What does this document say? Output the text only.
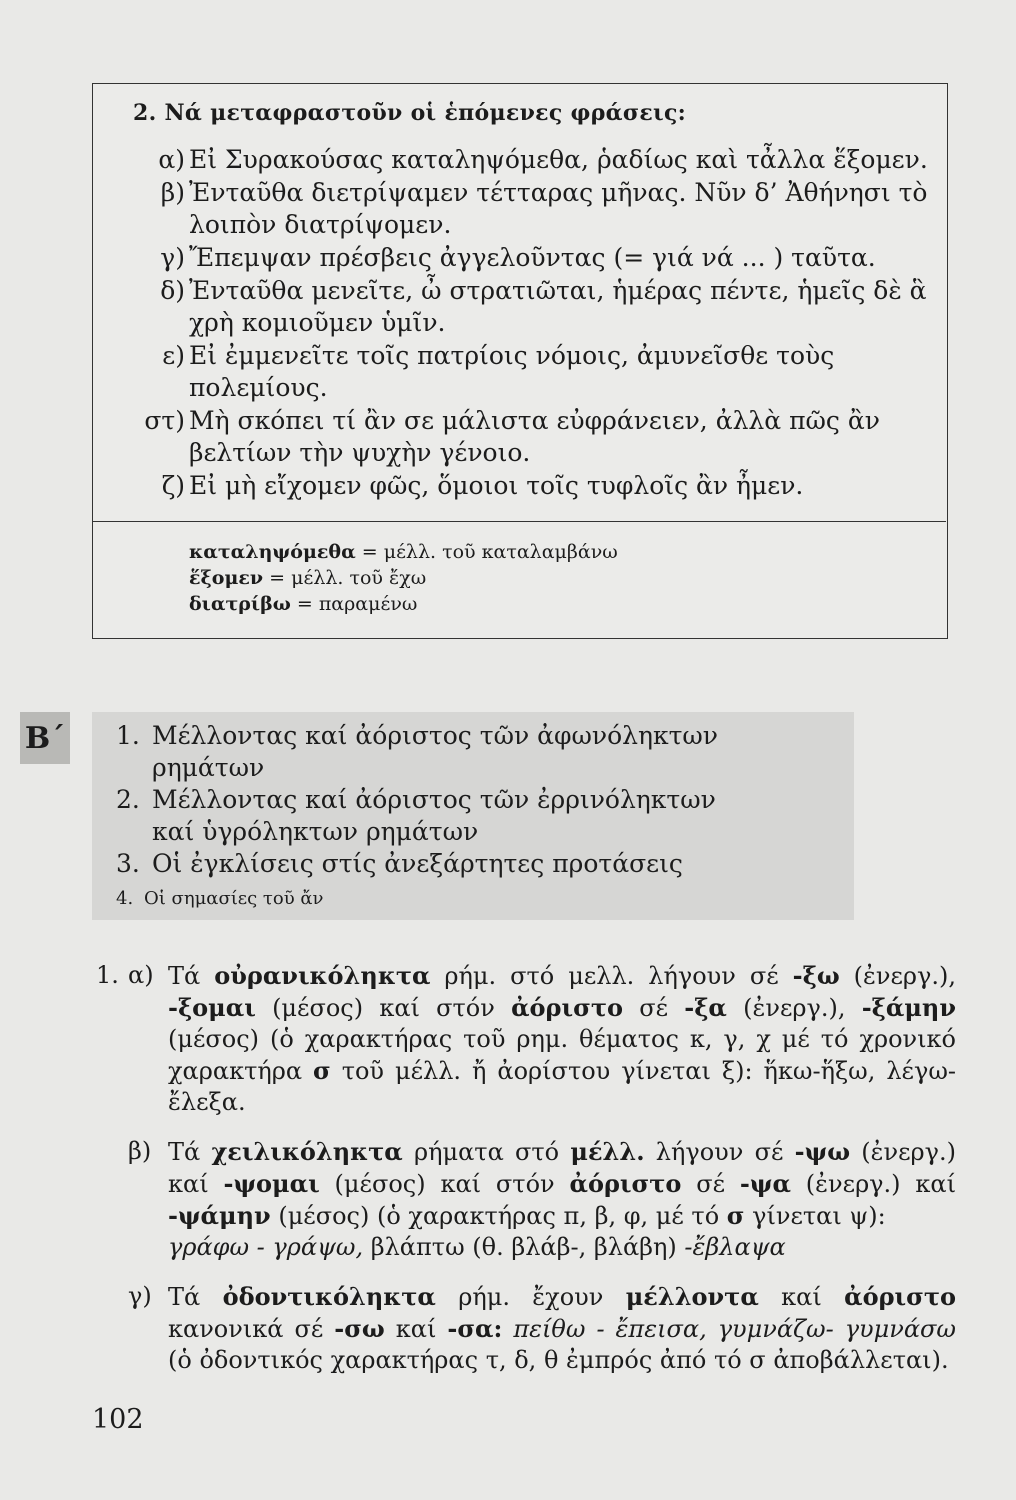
2. Νά μεταφραστοῦν οἱ ἑπόμενες φράσεις:
α) Εἰ Συρακούσας καταληψόμεθα, ῥαδίως καὶ τἆλλα ἕξομεν.
β) Ἐνταῦθα διετρίψαμεν τέτταρας μῆνας. Νῦν δ’ Ἀθήνησι τὸ λοιπὸν διατρίψομεν.
γ) Ἔπεμψαν πρέσβεις ἀγγελοῦντας (= γιά νά ... ) ταῦτα.
δ) Ἐνταῦθα μενεῖτε, ὦ στρατιῶται, ἡμέρας πέντε, ἡμεῖς δὲ ἃ χρὴ κομιοῦμεν ὑμῖν.
ε) Εἰ ἐμμενεῖτε τοῖς πατρίοις νόμοις, ἀμυνεῖσθε τοὺς πολεμίους.
στ) Μὴ σκόπει τί ἂν σε μάλιστα εὐφράνειεν, ἀλλὰ πῶς ἂν βελτίων τὴν ψυχὴν γένοιο.
ζ) Εἰ μὴ εἴχομεν φῶς, ὅμοιοι τοῖς τυφλοῖς ἂν ἦμεν.
καταληψόμεθα = μέλλ. τοῦ καταλαμβάνω
ἕξομεν = μέλλ. τοῦ ἔχω
διατρίβω = παραμένω
Β΄ 1. Μέλλοντας καί ἀόριστος τῶν ἀφωνόληκτων ρημάτων
2. Μέλλοντας καί ἀόριστος τῶν ἐρρινόληκτων καί ὑγρόληκτων ρημάτων
3. Οἱ ἐγκλίσεις στίς ἀνεξάρτητες προτάσεις
4. Οἱ σημασίες τοῦ ἄν
1. α) Τά οὐρανικόληκτα ρήμ. στό μελλ. λήγουν σέ -ξω (ἐνεργ.), -ξομαι (μέσος) καί στόν ἀόριστο σέ -ξα (ἐνεργ.), -ξάμην (μέσος) (ὁ χαρακτήρας τοῦ ρημ. θέματος κ, γ, χ μέ τό χρονικό χαρακτήρα σ τοῦ μέλλ. ἤ ἀορίστου γίνεται ξ): ἥκω-ἥξω, λέγω-ἔλεξα.
β) Τά χειλικόληκτα ρήματα στό μέλλ. λήγουν σέ -ψω (ἐνεργ.) καί -ψομαι (μέσος) καί στόν ἀόριστο σέ -ψα (ἐνεργ.) καί -ψάμην (μέσος) (ὁ χαρακτήρας π, β, φ, μέ τό σ γίνεται ψ):
γράφω - γράψω, βλάπτω (θ. βλάβ-, βλάβη) -ἔβλαψα
γ) Τά ὀδοντικόληκτα ρήμ. ἔχουν μέλλοντα καί ἀόριστο κανονικά σέ -σω καί -σα: πείθω - ἔπεισα, γυμνάζω- γυμνάσω (ὁ ὀδοντικός χαρακτήρας τ, δ, θ ἐμπρός ἀπό τό σ ἀποβάλλεται).
102
